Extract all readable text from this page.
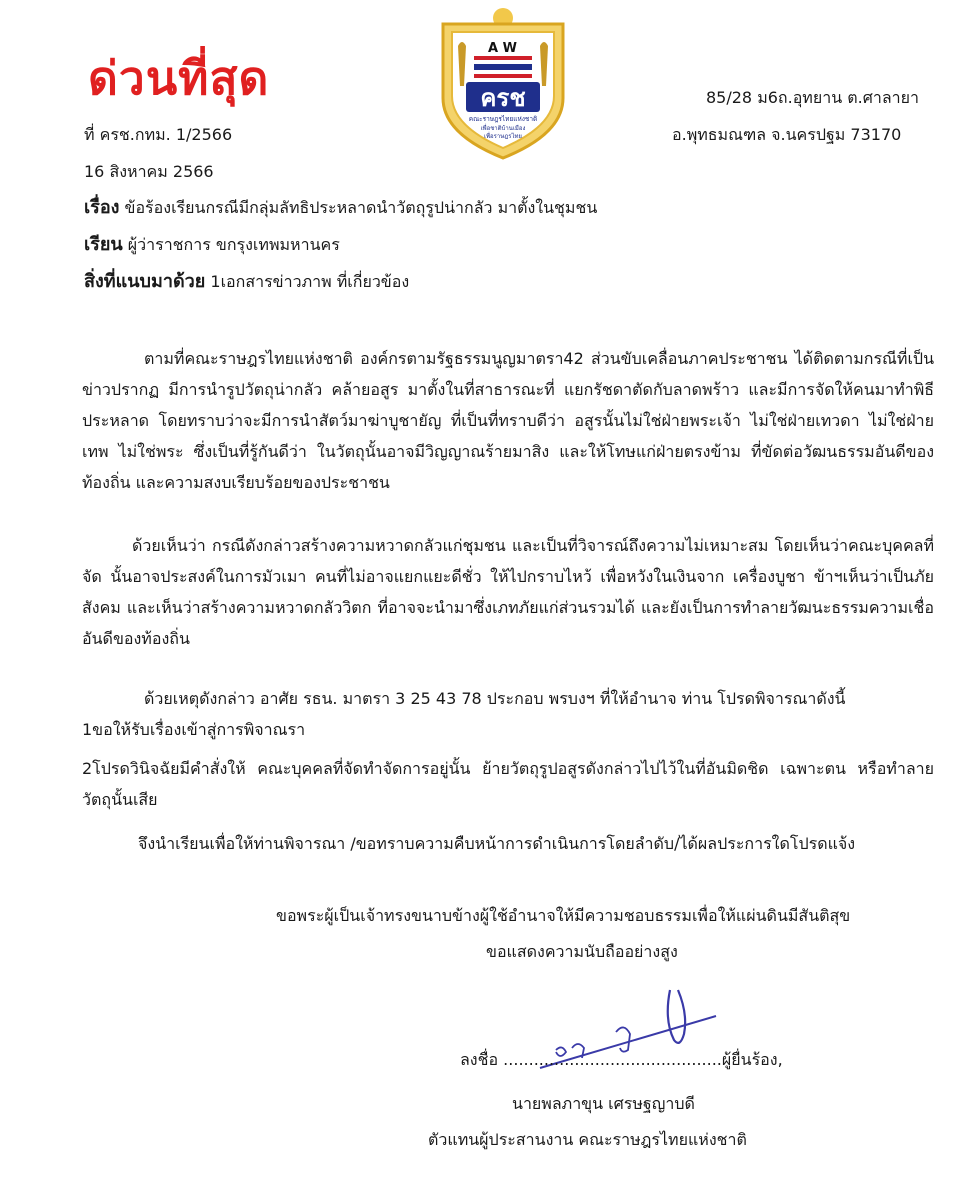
ด่วนที่สุด
A W
ครช
คณะราษฎรไทยแห่งชาติ
เพื่อชาติบ้านเมือง
เพื่อราษฎรไทย

85/28 ม6ถ.อุทยาน ต.ศาลายา

อ.พุทธมณฑล จ.นครปฐม 73170

ที่ ครช.กทม. 1/2566

16 สิงหาคม 2566

เรื่อง ข้อร้องเรียนกรณีมีกลุ่มลัทธิประหลาดนำวัตถุรูปน่ากลัว มาตั้งในชุมชน

เรียน ผู้ว่าราชการ ขกรุงเทพมหานคร

สิ่งที่แนบมาด้วย 1เอกสารข่าวภาพ ที่เกี่ยวข้อง

ตามที่คณะราษฎรไทยแห่งชาติ องค์กรตามรัฐธรรมนูญมาตรา42 ส่วนขับเคลื่อนภาคประชาชน ได้ติดตามกรณีที่เป็นข่าวปรากฏ มีการนำรูปวัตถุน่ากลัว คล้ายอสูร มาตั้งในที่สาธารณะที่ แยกรัชดาตัดกับลาดพร้าว และมีการจัดให้คนมาทำพิธีประหลาด โดยทราบว่าจะมีการนำสัตว์มาฆ่าบูชายัญ ที่เป็นที่ทราบดีว่า อสูรนั้นไม่ใช่ฝ่ายพระเจ้า ไม่ใช่ฝ่ายเทวดา ไม่ใช่ฝ่ายเทพ ไม่ใช่พระ ซึ่งเป็นที่รู้กันดีว่า ในวัตถุนั้นอาจมีวิญญาณร้ายมาสิง และให้โทษแก่ฝ่ายตรงข้าม ที่ขัดต่อวัฒนธรรมอันดีของท้องถิ่น และความสงบเรียบร้อยของประชาชน

ด้วยเห็นว่า กรณีดังกล่าวสร้างความหวาดกลัวแก่ชุมชน และเป็นที่วิจารณ์ถึงความไม่เหมาะสม โดยเห็นว่าคณะบุคคลที่จัด นั้นอาจประสงค์ในการมัวเมา คนที่ไม่อาจแยกแยะดีชั่ว ให้ไปกราบไหว้ เพื่อหวังในเงินจาก เครื่องบูชา ข้าฯเห็นว่าเป็นภัยสังคม และเห็นว่าสร้างความหวาดกลัววิตก ที่อาจจะนำมาซึ่งเภทภัยแก่ส่วนรวมได้ และยังเป็นการทำลายวัฒนะธรรมความเชื่ออันดีของท้องถิ่น

ด้วยเหตุดังกล่าว อาศัย รธน. มาตรา 3 25 43 78 ประกอบ พรบงฯ ที่ให้อำนาจ ท่าน โปรดพิจารณาดังนี้

1ขอให้รับเรื่องเข้าสู่การพิจาณรา

2โปรดวินิจฉัยมีคำสั่งให้ คณะบุคคลที่จัดทำจัดการอยู่นั้น ย้ายวัตถุรูปอสูรดังกล่าวไปไว้ในที่อันมิดชิด เฉพาะตน หรือทำลายวัตถุนั้นเสีย

จึงนำเรียนเพื่อให้ท่านพิจารณา /ขอทราบความคืบหน้าการดำเนินการโดยลำดับ/ได้ผลประการใดโปรดแจ้ง

ขอพระผู้เป็นเจ้าทรงขนาบข้างผู้ใช้อำนาจให้มีความชอบธรรมเพื่อให้แผ่นดินมีสันติสุข

ขอแสดงความนับถืออย่างสูง

ลงชื่อ ...........................................ผู้ยื่นร้อง,

นายพลภาขุน เศรษฐญาบดี

ตัวแทนผู้ประสานงาน คณะราษฎรไทยแห่งชาติ
